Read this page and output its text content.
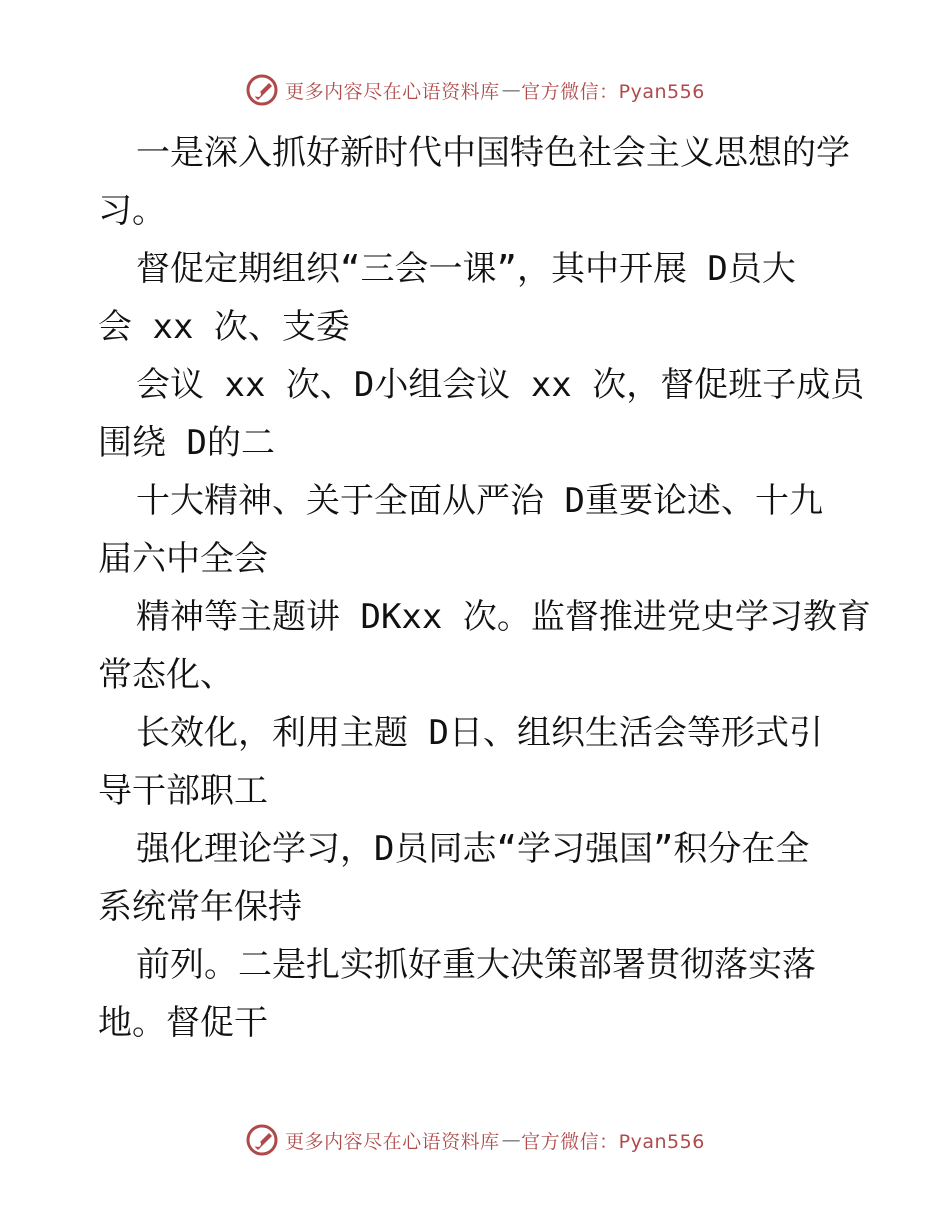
更多内容尽在心语资料库 — 官方微信：Pyan556

一是深入抓好新时代中国特色社会主义思想的学
习。

督促定期组织“三会一课”，其中开展 D员大
会 xx 次、支委

会议 xx 次、D小组会议 xx 次，督促班子成员
围绕 D的二

十大精神、关于全面从严治 D重要论述、十九
届六中全会

精神等主题讲 DKxx 次。监督推进党史学习教育
常态化、

长效化，利用主题 D日、组织生活会等形式引
导干部职工

强化理论学习，D员同志“学习强国”积分在全
系统常年保持

前列。二是扎实抓好重大决策部署贯彻落实落
地。督促干

更多内容尽在心语资料库 — 官方微信：Pyan556
